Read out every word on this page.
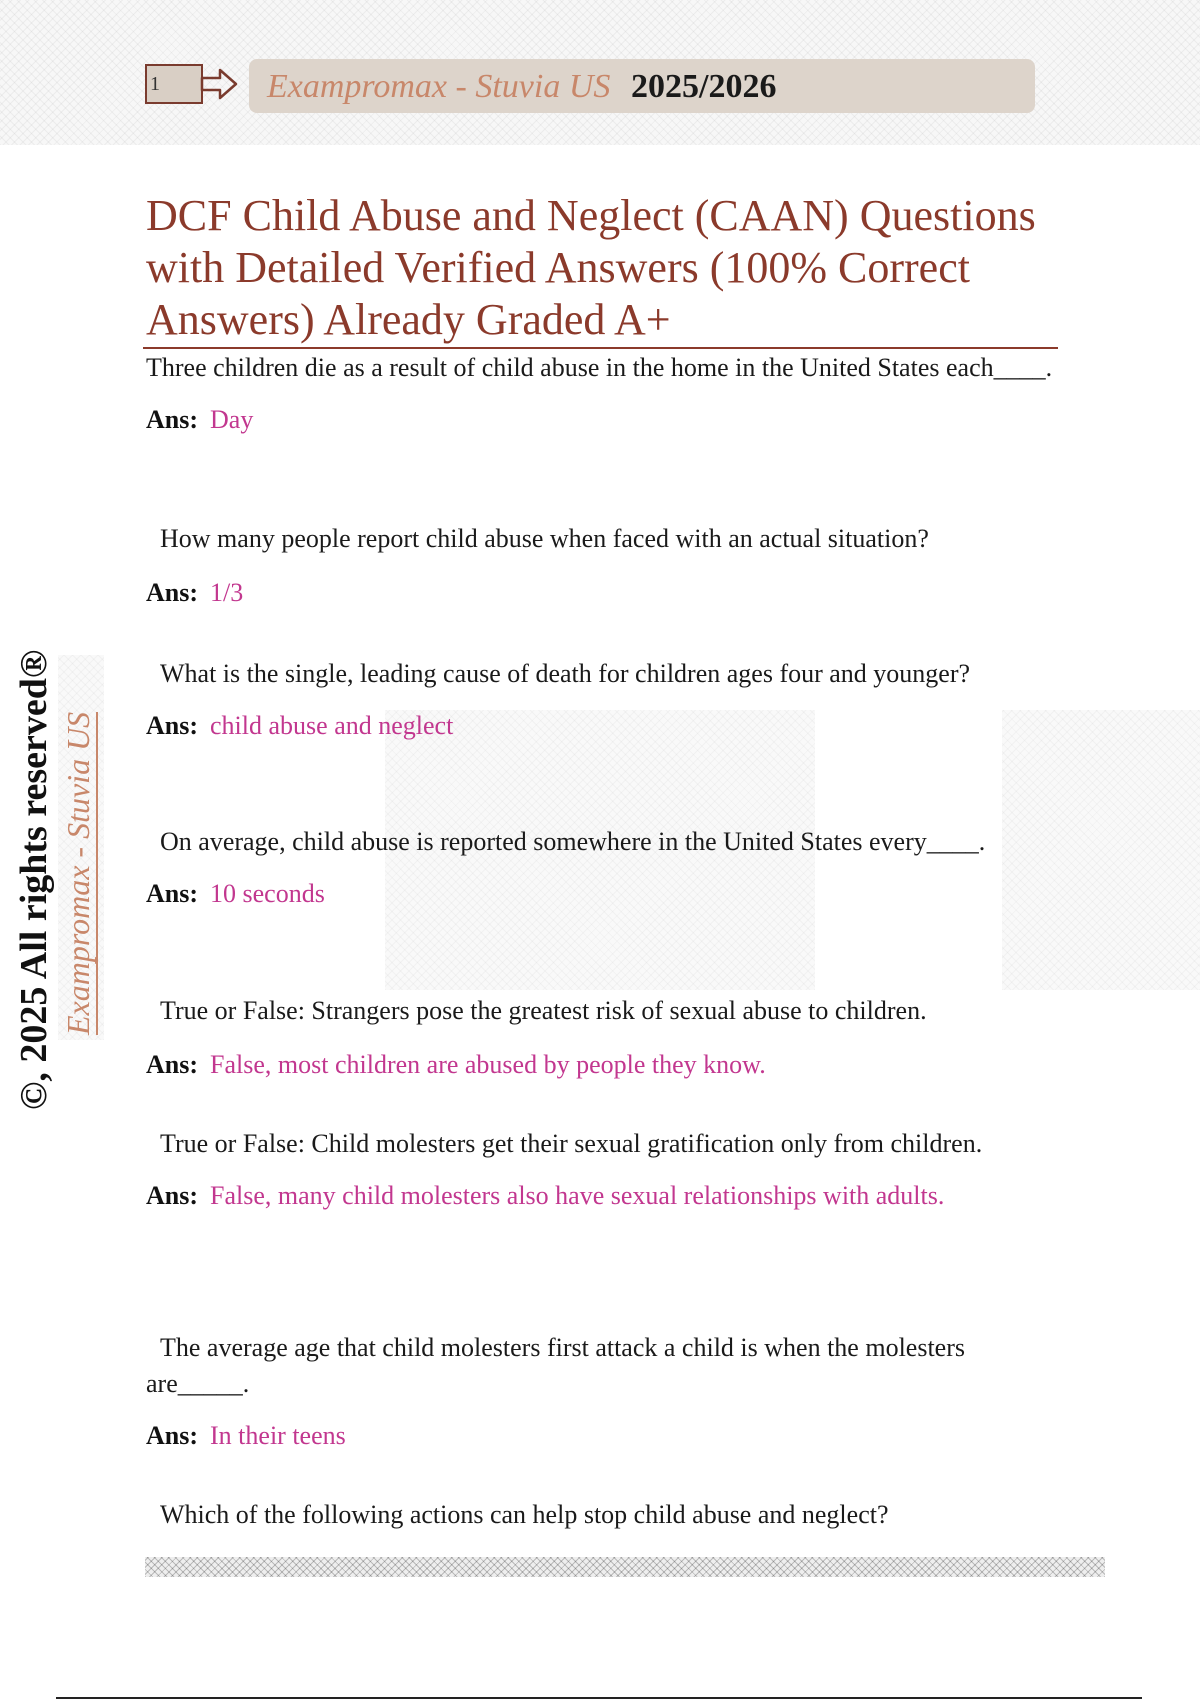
1	Exampromax - Stuvia US 2025/2026
DCF Child Abuse and Neglect (CAAN) Questions with Detailed Verified Answers (100% Correct Answers) Already Graded A+
©, 2025 All rights reserved® Exampromax - Stuvia US

Three children die as a result of child abuse in the home in the United States each____.

Ans: Day

How many people report child abuse when faced with an actual situation?

Ans: 1/3

What is the single, leading cause of death for children ages four and younger?

Ans: child abuse and neglect

On average, child abuse is reported somewhere in the United States every____.

Ans: 10 seconds

True or False: Strangers pose the greatest risk of sexual abuse to children.

Ans: False, most children are abused by people they know.

True or False: Child molesters get their sexual gratification only from children.

Ans: False, many child molesters also have sexual relationships with adults.

The average age that child molesters first attack a child is when the molesters are_____.

Ans: In their teens

Which of the following actions can help stop child abuse and neglect?
